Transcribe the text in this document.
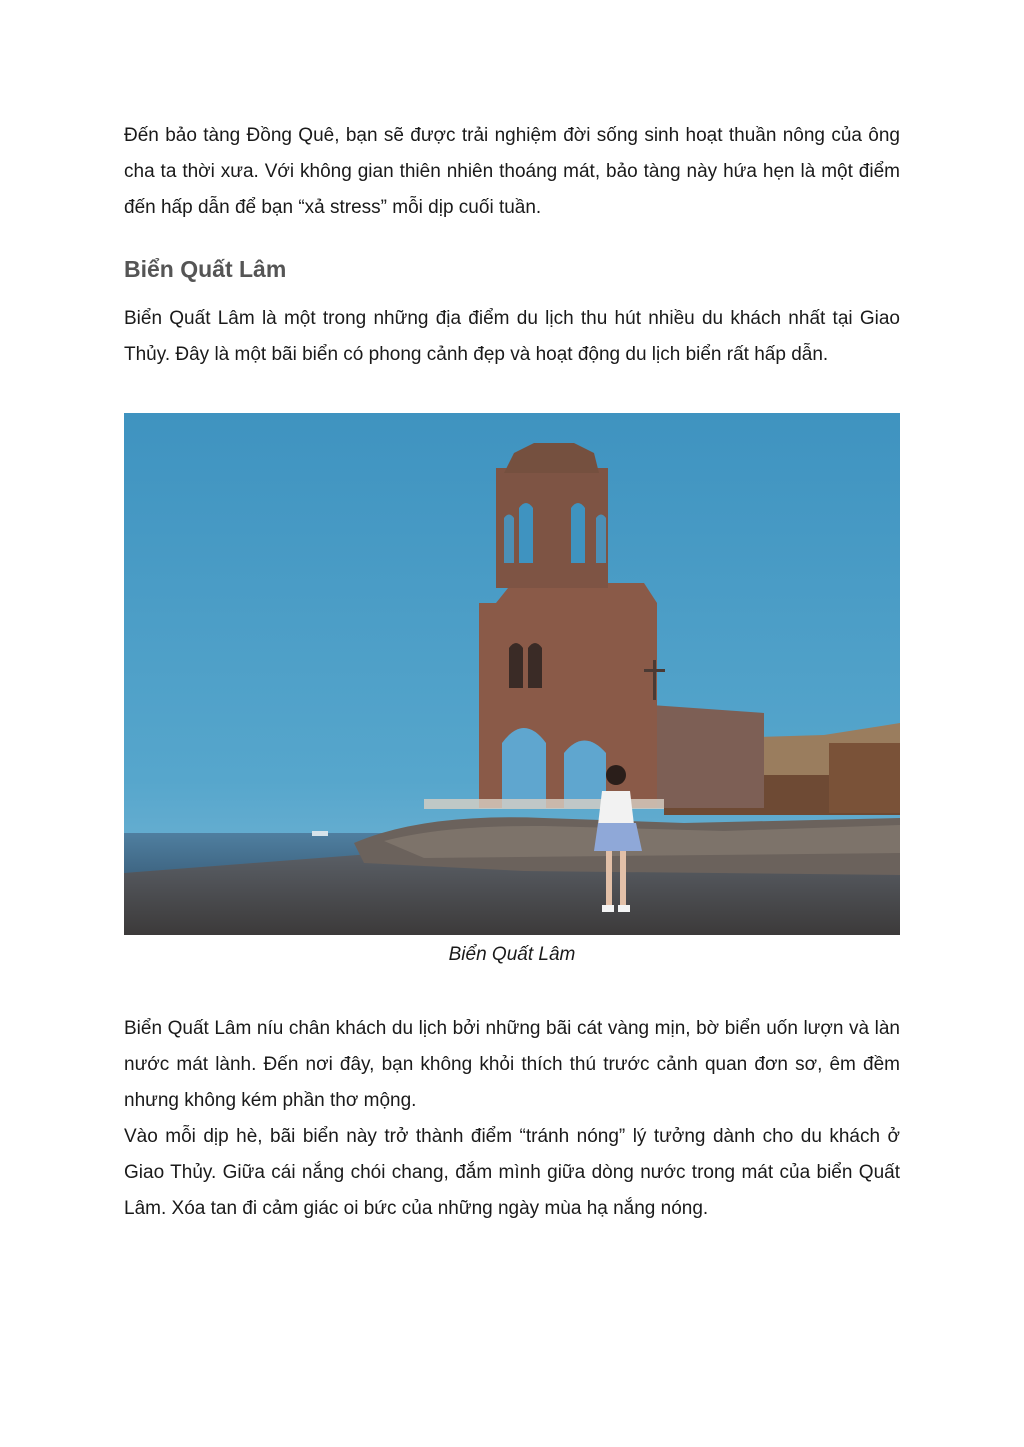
Đến bảo tàng Đồng Quê, bạn sẽ được trải nghiệm đời sống sinh hoạt thuần nông của ông cha ta thời xưa. Với không gian thiên nhiên thoáng mát, bảo tàng này hứa hẹn là một điểm đến hấp dẫn để bạn “xả stress” mỗi dịp cuối tuần.

Biển Quất Lâm

Biển Quất Lâm là một trong những địa điểm du lịch thu hút nhiều du khách nhất tại Giao Thủy. Đây là một bãi biển có phong cảnh đẹp và hoạt động du lịch biển rất hấp dẫn.

Biển Quất Lâm

Biển Quất Lâm níu chân khách du lịch bởi những bãi cát vàng mịn, bờ biển uốn lượn và làn nước mát lành. Đến nơi đây, bạn không khỏi thích thú trước cảnh quan đơn sơ, êm đềm nhưng không kém phần thơ mộng.

Vào mỗi dịp hè, bãi biển này trở thành điểm “tránh nóng” lý tưởng dành cho du khách ở Giao Thủy. Giữa cái nắng chói chang, đắm mình giữa dòng nước trong mát của biển Quất Lâm. Xóa tan đi cảm giác oi bức của những ngày mùa hạ nắng nóng.
